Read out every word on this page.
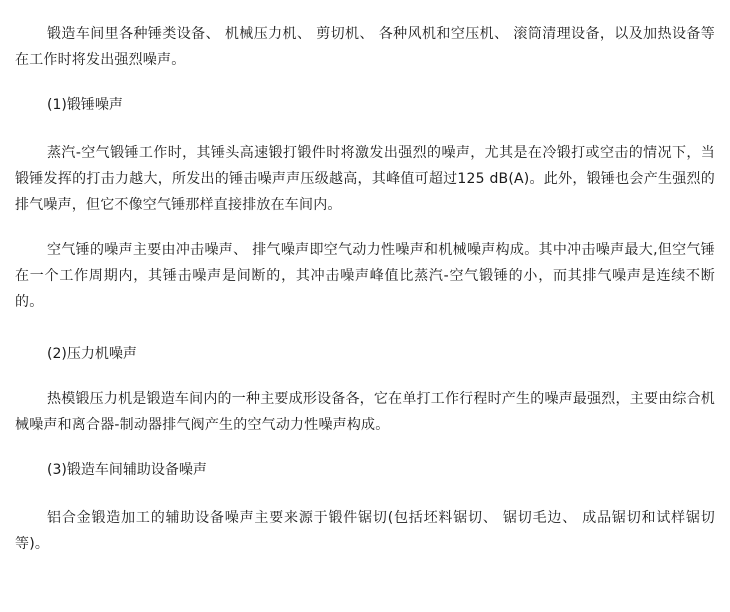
锻造车间里各种锤类设备、 机械压力机、 剪切机、 各种风机和空压机、 滚筒清理设备，以及加热设备等在工作时将发出强烈噪声。

(1)锻锤噪声

蒸汽-空气锻锤工作时，其锤头高速锻打锻件时将激发出强烈的噪声，尤其是在冷锻打或空击的情况下，当锻锤发挥的打击力越大，所发出的锤击噪声声压级越高，其峰值可超过125 dB(A)。此外，锻锤也会产生强烈的排气噪声，但它不像空气锤那样直接排放在车间内。

空气锤的噪声主要由冲击噪声、 排气噪声即空气动力性噪声和机械噪声构成。其中冲击噪声最大,但空气锤在一个工作周期内，其锤击噪声是间断的，其冲击噪声峰值比蒸汽-空气锻锤的小，而其排气噪声是连续不断的。

(2)压力机噪声

热模锻压力机是锻造车间内的一种主要成形设备各，它在单打工作行程时产生的噪声最强烈，主要由综合机械噪声和离合器-制动器排气阀产生的空气动力性噪声构成。

(3)锻造车间辅助设备噪声

铝合金锻造加工的辅助设备噪声主要来源于锻件锯切(包括坯料锯切、 锯切毛边、 成品锯切和试样锯切等)。
